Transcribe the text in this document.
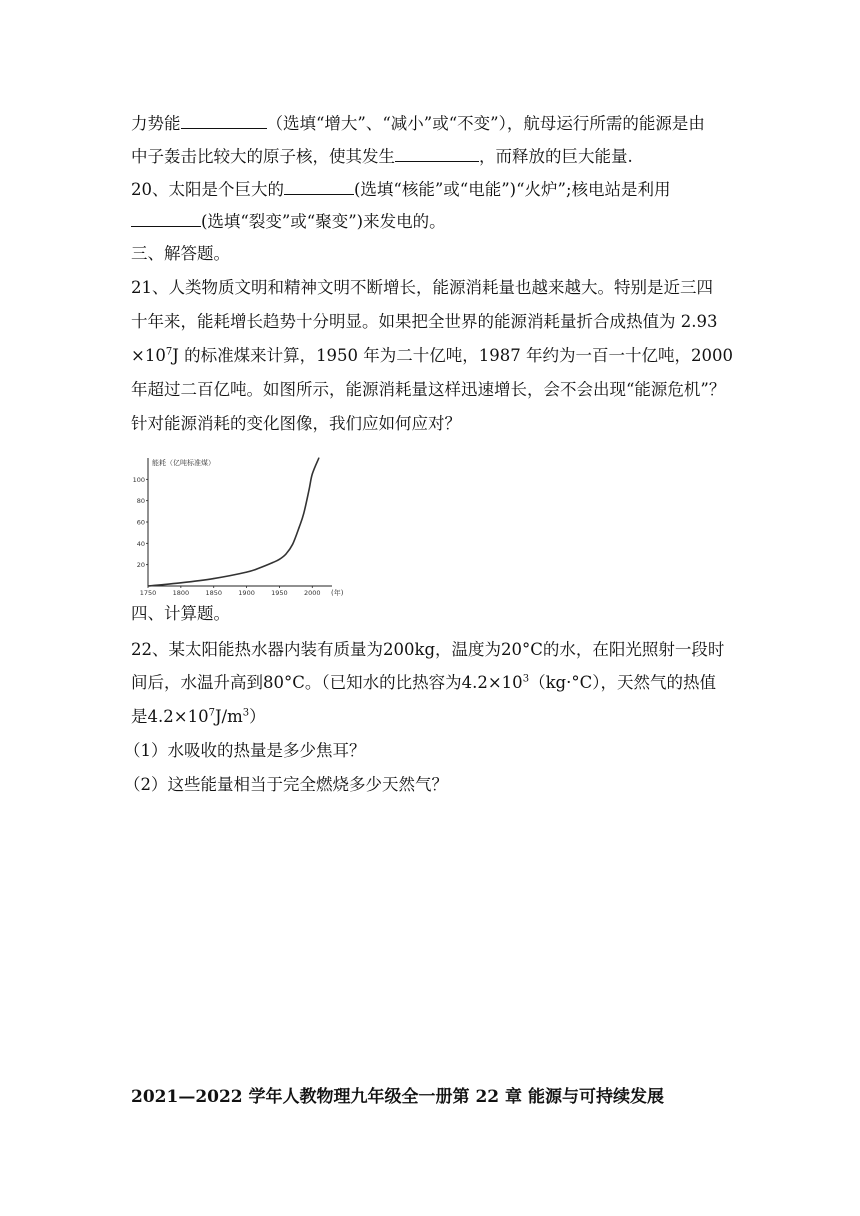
力势能	（选填“增大”、“减小”或“不变”），航母运行所需的能源是由
中子轰击比较大的原子核，使其发生	，而释放的巨大能量.
20、太阳是个巨大的	(选填“核能”或“电能”)“火炉”;核电站是利用
(选填“裂变”或“聚变”)来发电的。
三、解答题。
21、人类物质文明和精神文明不断增长，能源消耗量也越来越大。特别是近三四
十年来，能耗增长趋势十分明显。如果把全世界的能源消耗量折合成热值为 2.93
$\times 10^7J$ 的标准煤来计算，1950 年为二十亿吨，1987 年约为一百一十亿吨，2000
年超过二百亿吨。如图所示，能源消耗量这样迅速增长，会不会出现“能源危机”？
针对能源消耗的变化图像，我们应如何应对？
能耗（亿吨标准煤）
(年)
20
40
60
80
100
1750	1800	1850	1900	1950	2000
四、计算题。
22、某太阳能热水器内装有质量为200kg，温度为20°C的水，在阳光照射一段时
间后，水温升高到80°C。（已知水的比热容为$4.2\times 10^3(kg\cdot^\circ C)$，天然气的热值
是$4.2\times 10^7J/m^3$）
（1）水吸收的热量是多少焦耳？
（2）这些能量相当于完全燃烧多少天然气？
2021—2022 学年人教物理九年级全一册第 22 章 能源与可持续发展
